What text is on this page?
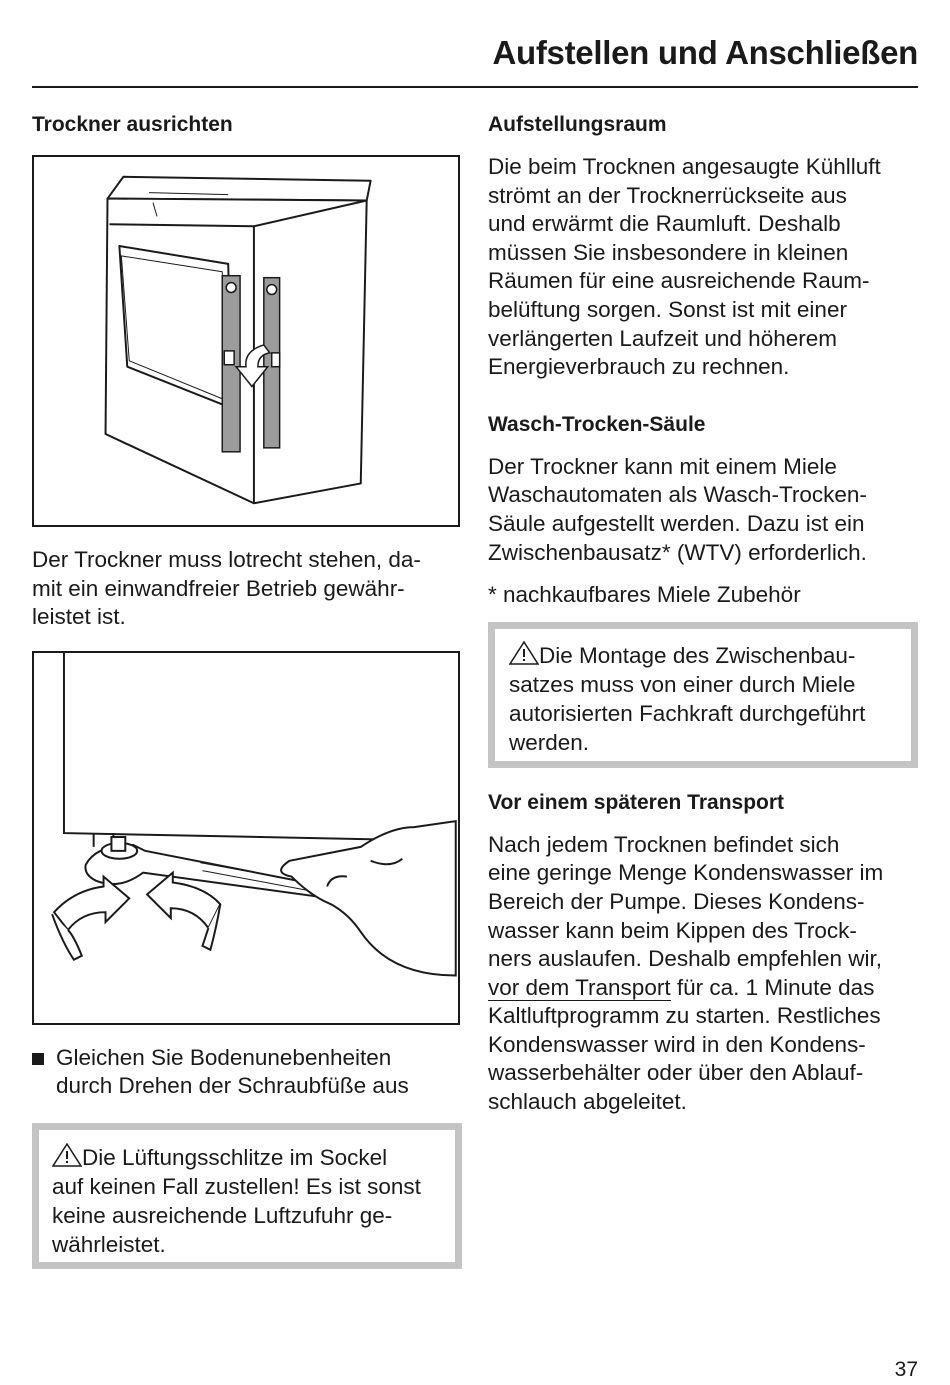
Aufstellen und Anschließen
Trockner ausrichten

Der Trockner muss lotrecht stehen, da-
mit ein einwandfreier Betrieb gewähr-
leistet ist.

Gleichen Sie Bodenunebenheiten
durch Drehen der Schraubfüße aus
Die Lüftungsschlitze im Sockel
auf keinen Fall zustellen! Es ist sonst
keine ausreichende Luftzufuhr ge-
währleistet.
Aufstellungsraum

Die beim Trocknen angesaugte Kühlluft
strömt an der Trocknerrückseite aus
und erwärmt die Raumluft. Deshalb
müssen Sie insbesondere in kleinen
Räumen für eine ausreichende Raum-
belüftung sorgen. Sonst ist mit einer
verlängerten Laufzeit und höherem
Energieverbrauch zu rechnen.

Wasch-Trocken-Säule

Der Trockner kann mit einem Miele
Waschautomaten als Wasch-Trocken-
Säule aufgestellt werden. Dazu ist ein
Zwischenbausatz* (WTV) erforderlich.

* nachkaufbares Miele Zubehör

Die Montage des Zwischenbau-
satzes muss von einer durch Miele
autorisierten Fachkraft durchgeführt
werden.
Vor einem späteren Transport

Nach jedem Trocknen befindet sich
eine geringe Menge Kondenswasser im
Bereich der Pumpe. Dieses Kondens-
wasser kann beim Kippen des Trock-
ners auslaufen. Deshalb empfehlen wir,
vor dem Transport für ca. 1 Minute das
Kaltluftprogramm zu starten. Restliches
Kondenswasser wird in den Kondens-
wasserbehälter oder über den Ablauf-
schlauch abgeleitet.

37
